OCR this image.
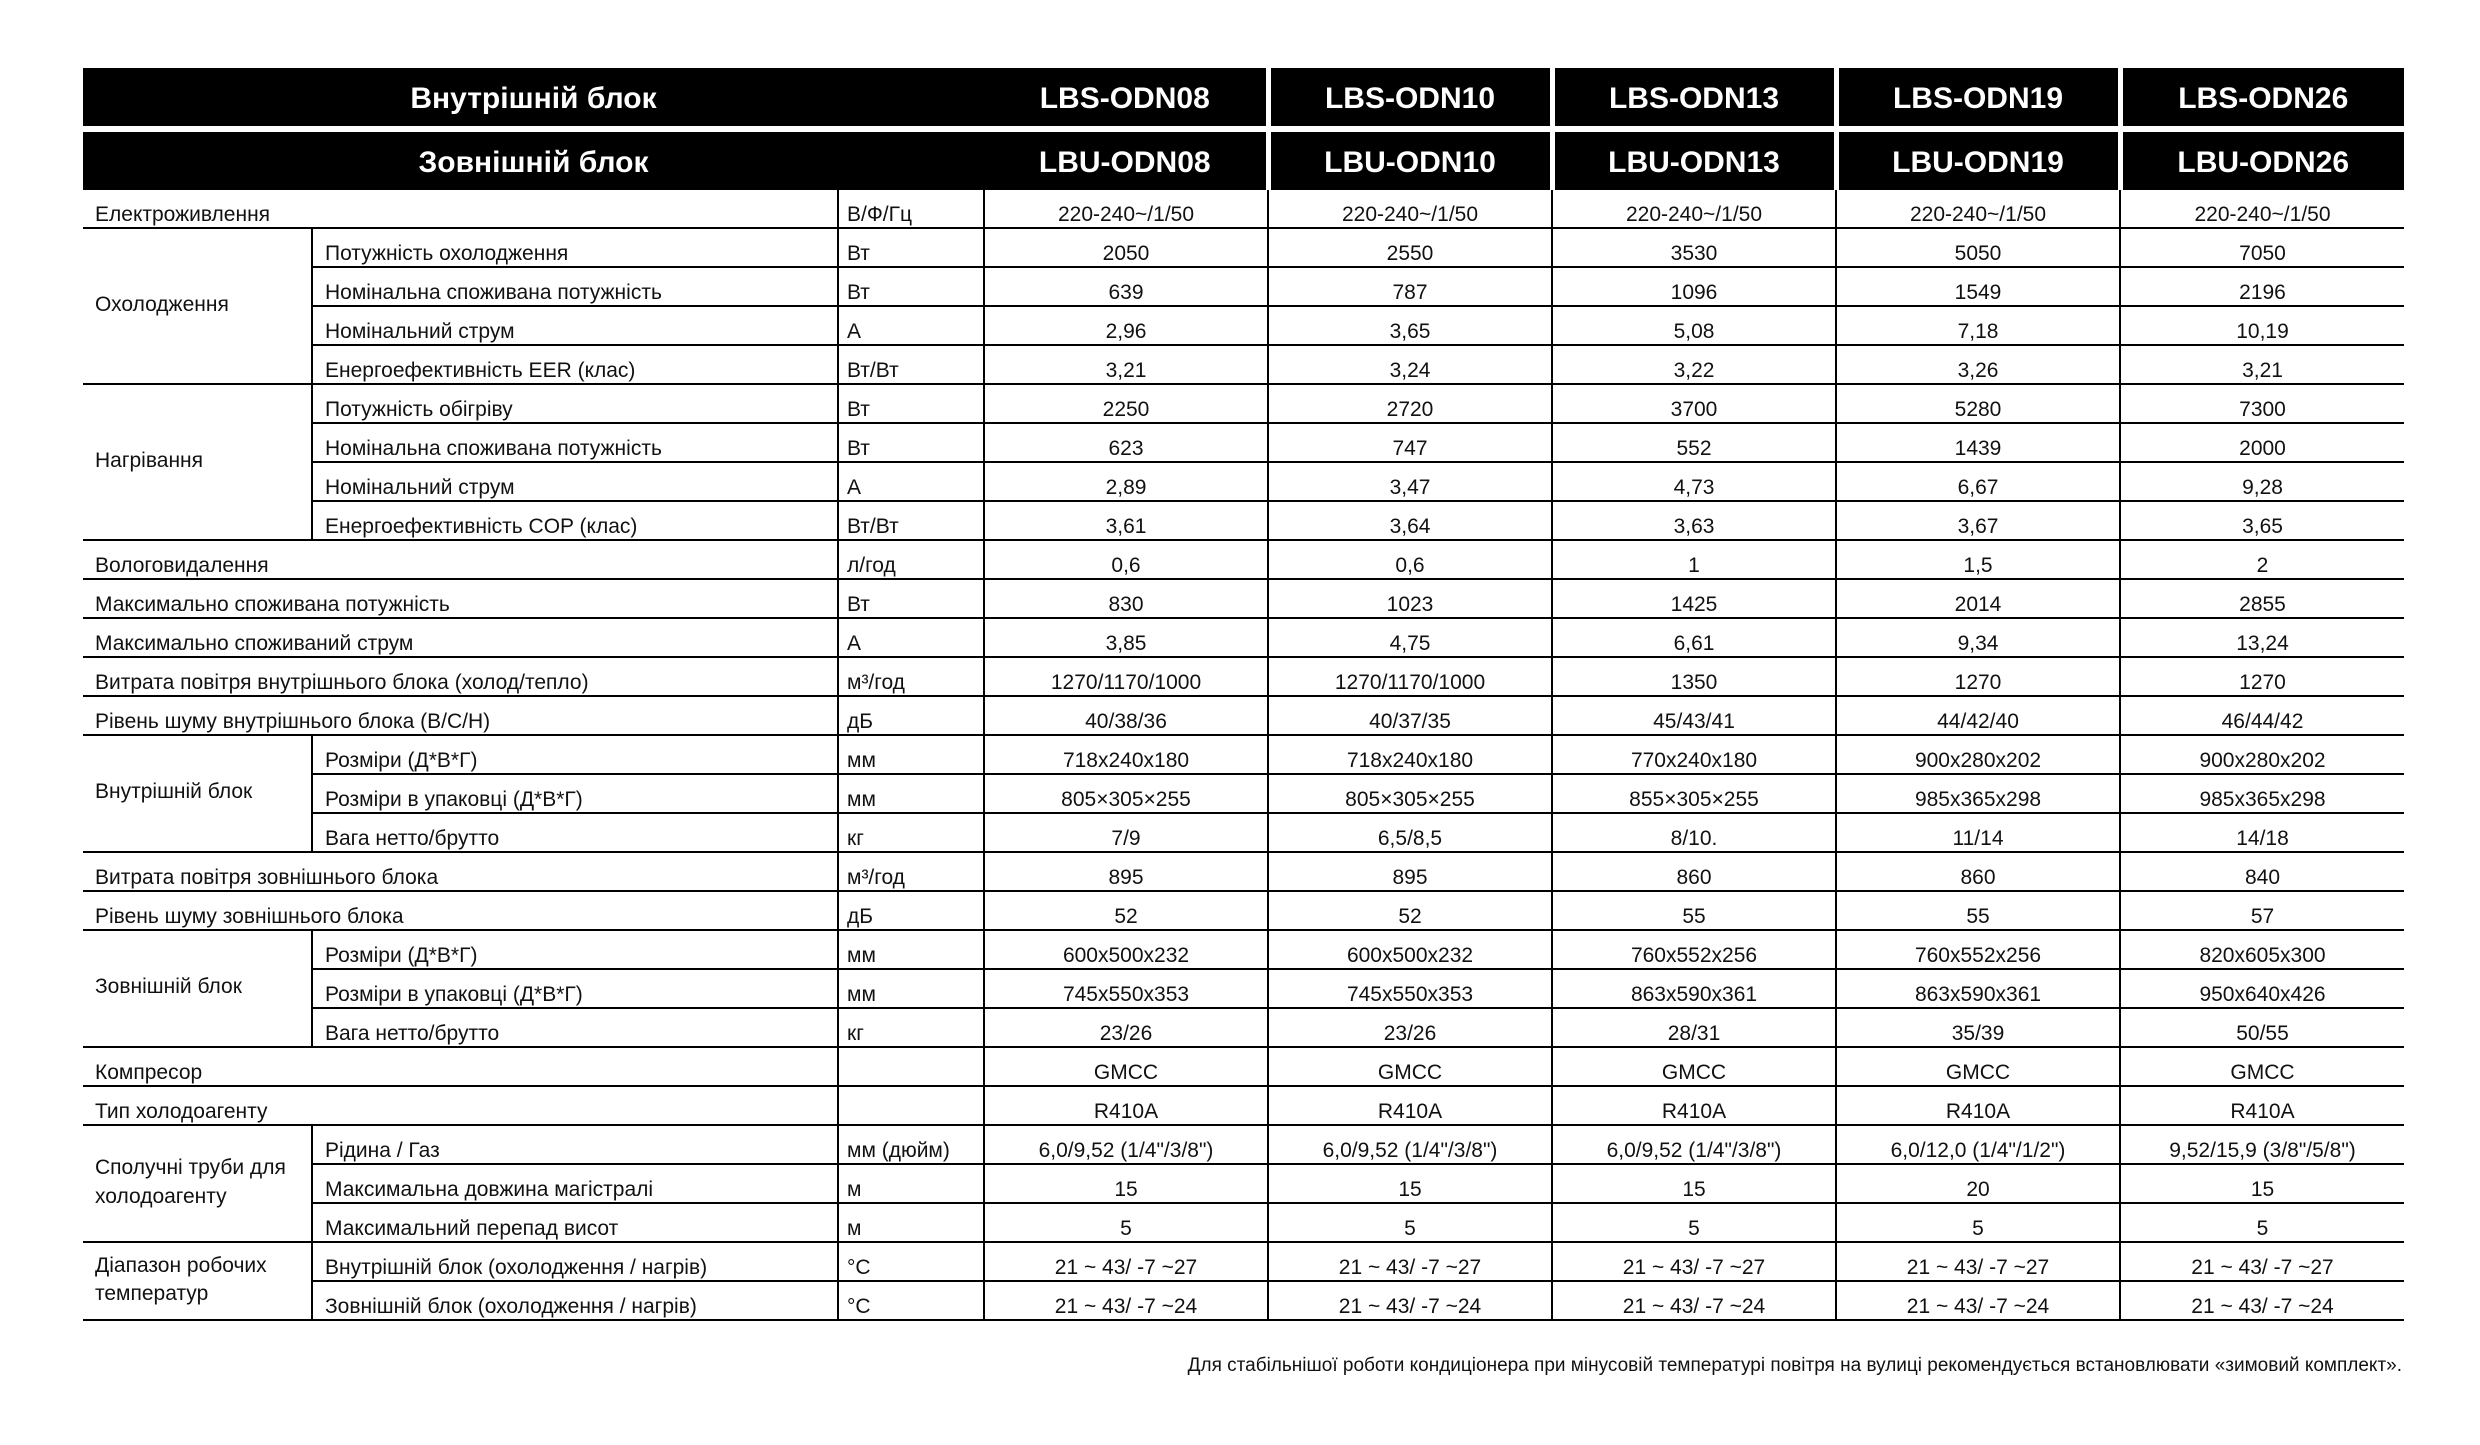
Внутрішній блок			LBS-ODN08	LBS-ODN10	LBS-ODN13	LBS-ODN19	LBS-ODN26
Зовнішній блок			LBU-ODN08	LBU-ODN10	LBU-ODN13	LBU-ODN19	LBU-ODN26
Електроживлення		В/Ф/Гц	220-240~/1/50	220-240~/1/50	220-240~/1/50	220-240~/1/50	220-240~/1/50
Охолодження	Потужність охолодження	Вт	2050	2550	3530	5050	7050
	Номінальна споживана потужність	Вт	639	787	1096	1549	2196
	Номінальний струм	А	2,96	3,65	5,08	7,18	10,19
	Енергоефективність EER (клас)	Вт/Вт	3,21	3,24	3,22	3,26	3,21
Нагрівання	Потужність обігріву	Вт	2250	2720	3700	5280	7300
	Номінальна споживана потужність	Вт	623	747	552	1439	2000
	Номінальний струм	А	2,89	3,47	4,73	6,67	9,28
	Енергоефективність COP (клас)	Вт/Вт	3,61	3,64	3,63	3,67	3,65
Вологовидалення		л/год	0,6	0,6	1	1,5	2
Максимально споживана потужність		Вт	830	1023	1425	2014	2855
Максимально споживаний струм		А	3,85	4,75	6,61	9,34	13,24
Витрата повітря внутрішнього блока (холод/тепло)		м³/год	1270/1170/1000	1270/1170/1000	1350	1270	1270
Рівень шуму внутрішнього блока (В/С/Н)		дБ	40/38/36	40/37/35	45/43/41	44/42/40	46/44/42
Внутрішній блок	Розміри (Д*В*Г)	мм	718x240x180	718x240x180	770x240x180	900x280x202	900x280x202
	Розміри в упаковці (Д*В*Г)	мм	805×305×255	805×305×255	855×305×255	985x365x298	985x365x298
	Вага нетто/брутто	кг	7/9	6,5/8,5	8/10.	11/14	14/18
Витрата повітря зовнішнього блока		м³/год	895	895	860	860	840
Рівень шуму зовнішнього блока		дБ	52	52	55	55	57
Зовнішній блок	Розміри (Д*В*Г)	мм	600x500x232	600x500x232	760x552x256	760x552x256	820x605x300
	Розміри в упаковці (Д*В*Г)	мм	745x550x353	745x550x353	863x590x361	863x590x361	950x640x426
	Вага нетто/брутто	кг	23/26	23/26	28/31	35/39	50/55
Компресор			GMCC	GMCC	GMCC	GMCC	GMCC
Тип холодоагенту			R410A	R410A	R410A	R410A	R410A
Сполучні труби для холодоагенту	Рідина / Газ	мм (дюйм)	6,0/9,52 (1/4"/3/8")	6,0/9,52 (1/4"/3/8")	6,0/9,52 (1/4"/3/8")	6,0/12,0 (1/4"/1/2")	9,52/15,9 (3/8"/5/8")
	Максимальна довжина магістралі	м	15	15	15	20	15
	Максимальний перепад висот	м	5	5	5	5	5
Діапазон робочих температур	Внутрішній блок (охолодження / нагрів)	°С	21 ~ 43/ -7 ~27	21 ~ 43/ -7 ~27	21 ~ 43/ -7 ~27	21 ~ 43/ -7 ~27	21 ~ 43/ -7 ~27
	Зовнішній блок (охолодження / нагрів)	°С	21 ~ 43/ -7 ~24	21 ~ 43/ -7 ~24	21 ~ 43/ -7 ~24	21 ~ 43/ -7 ~24	21 ~ 43/ -7 ~24
Для стабільнішої роботи кондиціонера при мінусовій температурі повітря на вулиці рекомендується встановлювати «зимовий комплект».
